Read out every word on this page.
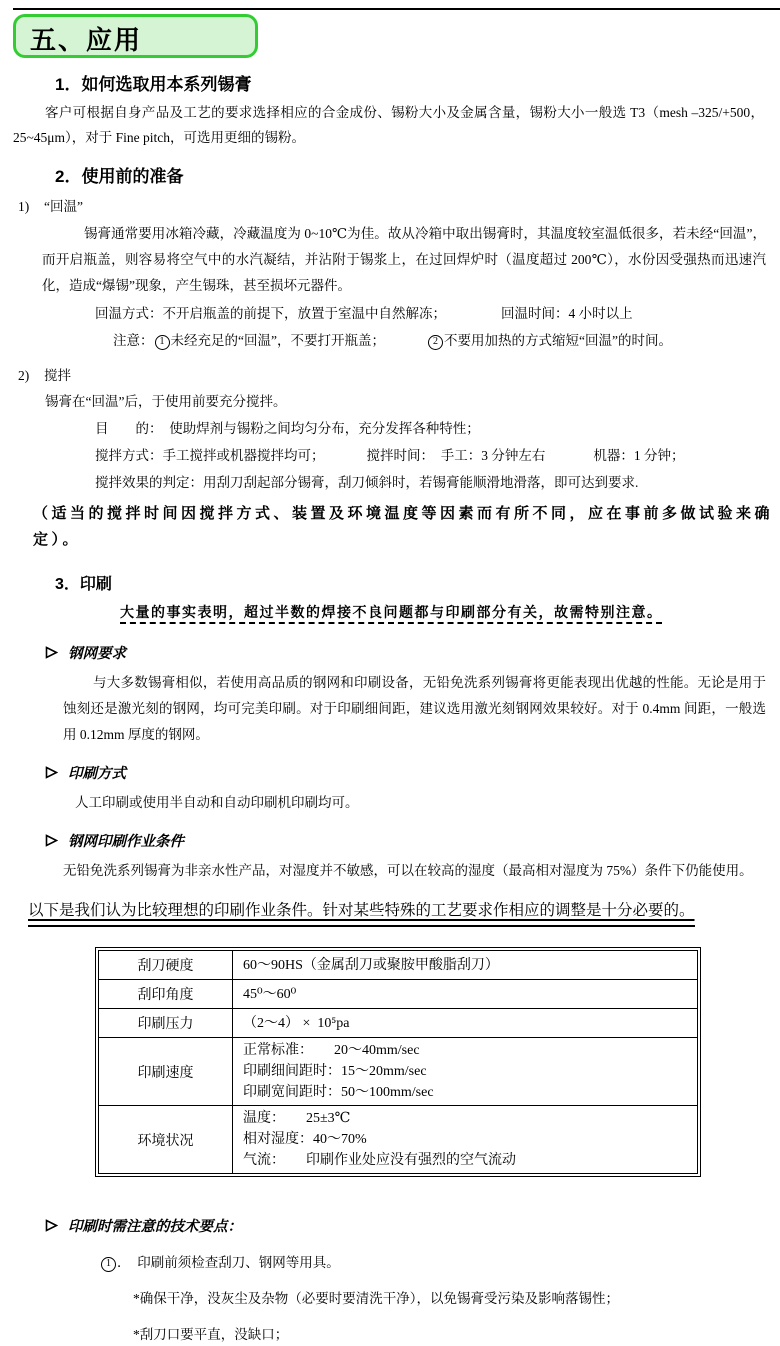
五、应用
1．如何选取用本系列锡膏
客户可根据自身产品及工艺的要求选择相应的合金成份、锡粉大小及金属含量，锡粉大小一般选 T3（mesh –325/+500，25~45μm），对于 Fine pitch，可选用更细的锡粉。
2．使用前的准备
1) “回温”
锡膏通常要用冰箱冷藏，冷藏温度为 0~10℃为佳。故从冷箱中取出锡膏时，其温度较室温低很多，若未经“回温”，而开启瓶盖，则容易将空气中的水汽凝结，并沾附于锡浆上，在过回焊炉时（温度超过 200℃），水份因受强热而迅速汽化，造成“爆锡”现象，产生锡珠，甚至损坏元器件。
回温方式：不开启瓶盖的前提下，放置于室温中自然解冻；	回温时间：4 小时以上
注意： 1 未经充足的“回温”，不要打开瓶盖；	2 不要用加热的方式缩短“回温”的时间。
2) 搅拌
锡膏在“回温”后，于使用前要充分搅拌。
目　　的：  使助焊剂与锡粉之间均匀分布，充分发挥各种特性；
搅拌方式：手工搅拌或机器搅拌均可；	搅拌时间：  手工：3 分钟左右	机器：1 分钟；
搅拌效果的判定：用刮刀刮起部分锡膏，刮刀倾斜时，若锡膏能顺滑地滑落，即可达到要求.
（适当的搅拌时间因搅拌方式、装置及环境温度等因素而有所不同，应在事前多做试验来确定）。
3．印刷
大量的事实表明，超过半数的焊接不良问题都与印刷部分有关，故需特别注意。
钢网要求
与大多数锡膏相似，若使用高品质的钢网和印刷设备，无铅免洗系列锡膏将更能表现出优越的性能。无论是用于蚀刻还是激光刻的钢网，均可完美印刷。对于印刷细间距，建议选用激光刻钢网效果较好。对于 0.4mm 间距，一般选用 0.12mm 厚度的钢网。
印刷方式
人工印刷或使用半自动和自动印刷机印刷均可。
钢网印刷作业条件
无铅免洗系列锡膏为非亲水性产品，对湿度并不敏感，可以在较高的湿度（最高相对湿度为 75%）条件下仍能使用。
以下是我们认为比较理想的印刷作业条件。针对某些特殊的工艺要求作相应的调整是十分必要的。
刮刀硬度	60～90HS（金属刮刀或聚胺甲酸脂刮刀）

刮印角度	45⁰～60⁰

印刷压力	（2～4） ×  10⁵pa

印刷速度	正常标准：      20～40mm/sec
印刷细间距时：15～20mm/sec
印刷宽间距时：50～100mm/sec

环境状况	温度：      25±3℃
相对湿度：40～70%
气流：      印刷作业处应没有强烈的空气流动
印刷时需注意的技术要点：
1 ．  印刷前须检查刮刀、钢网等用具。
*确保干净，没灰尘及杂物（必要时要清洗干净），以免锡膏受污染及影响落锡性；
*刮刀口要平直，没缺口；
